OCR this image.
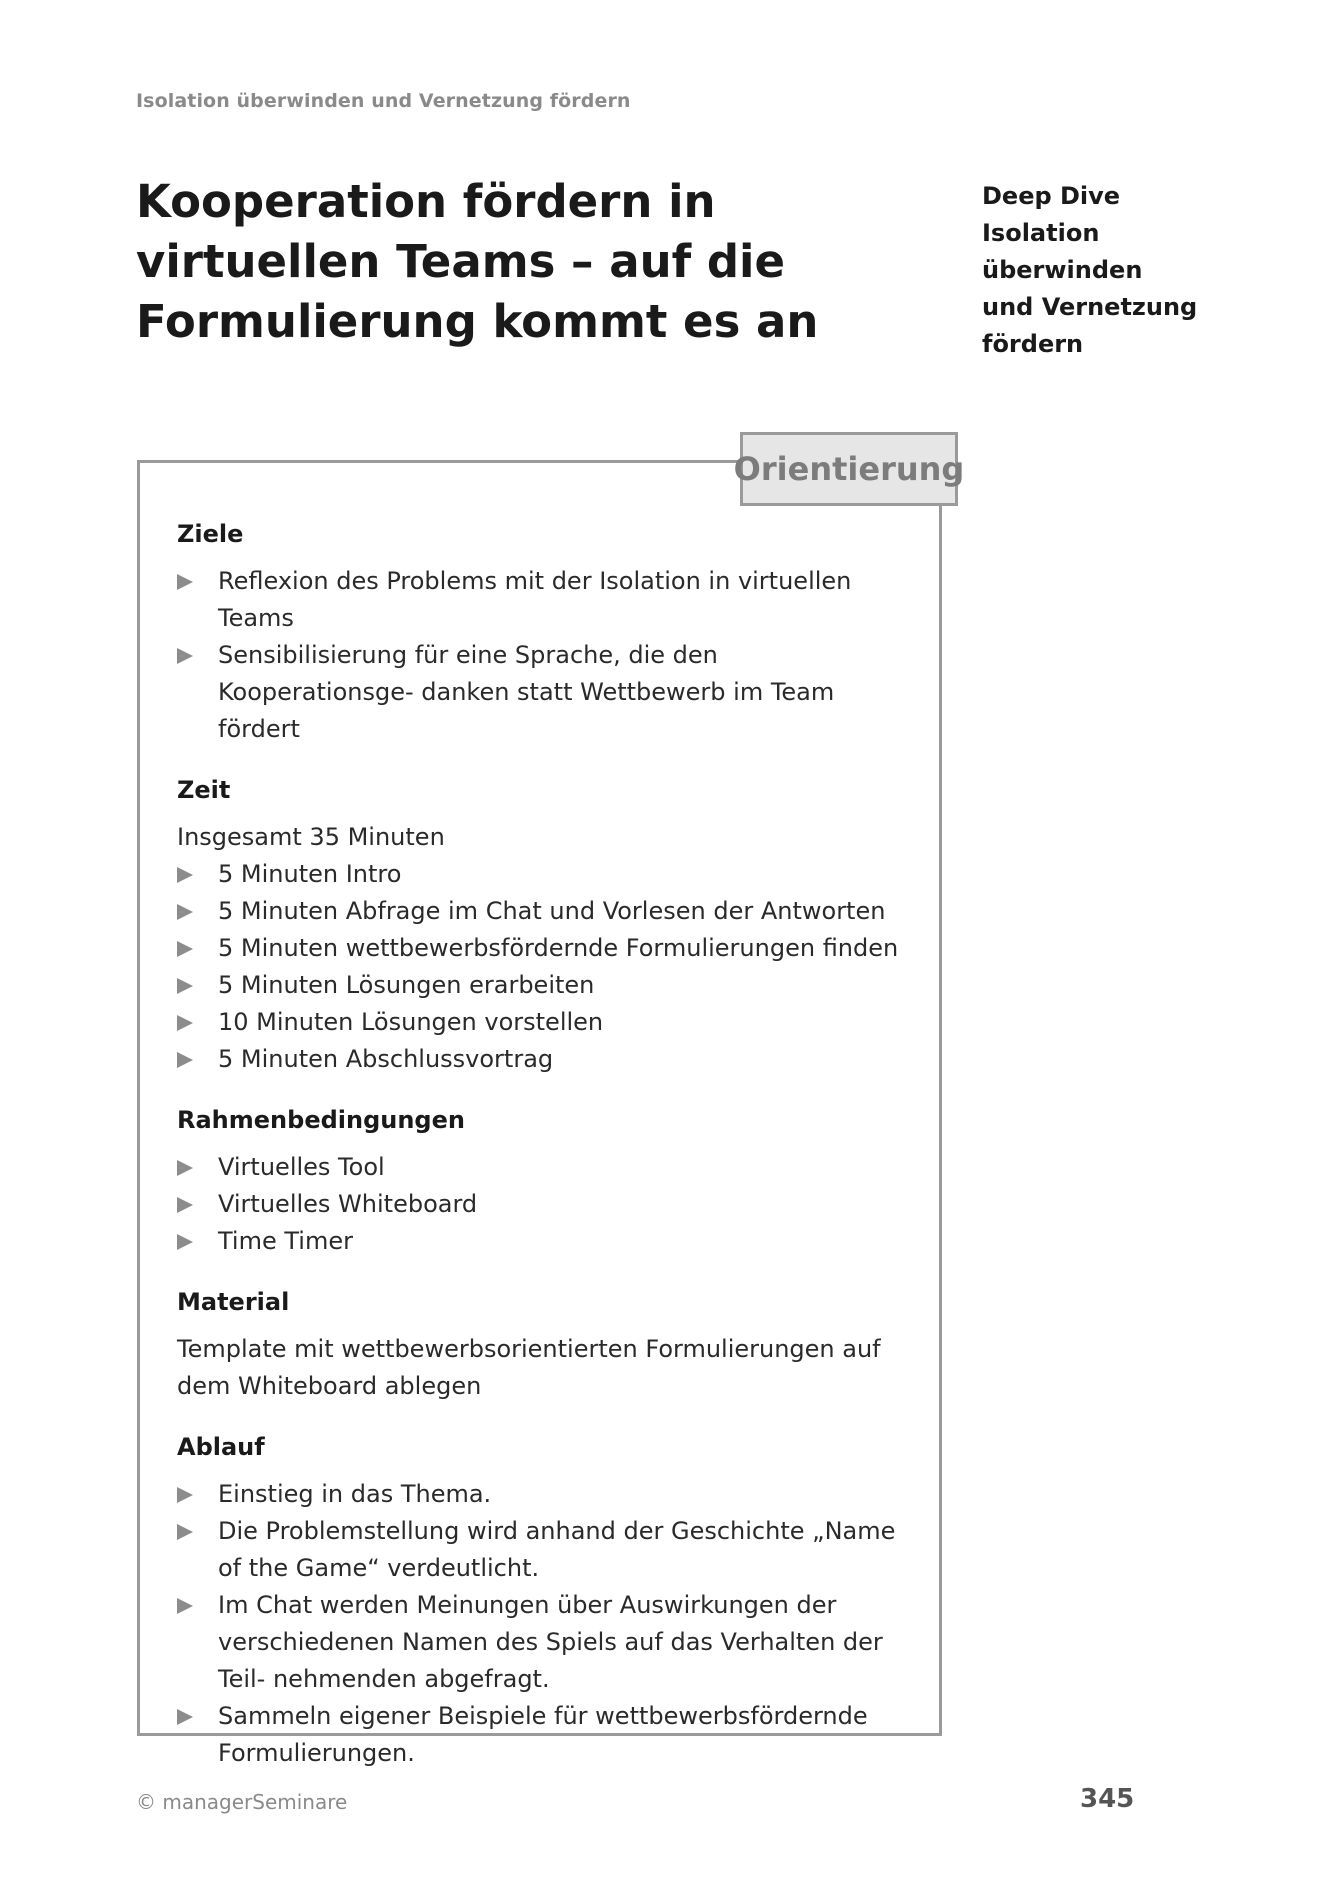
Isolation überwinden und Vernetzung fördern
Kooperation fördern in virtuellen Teams – auf die Formulierung kommt es an
Deep Dive
Isolation
überwinden
und Vernetzung
fördern
Orientierung
Ziele
Reflexion des Problems mit der Isolation in virtuellen Teams
Sensibilisierung für eine Sprache, die den Kooperationsge- danken statt Wettbewerb im Team fördert
Zeit

Insgesamt 35 Minuten

5 Minuten Intro
5 Minuten Abfrage im Chat und Vorlesen der Antworten
5 Minuten wettbewerbsfördernde Formulierungen finden
5 Minuten Lösungen erarbeiten
10 Minuten Lösungen vorstellen
5 Minuten Abschlussvortrag
Rahmenbedingungen
Virtuelles Tool
Virtuelles Whiteboard
Time Timer
Material

Template mit wettbewerbsorientierten Formulierungen auf dem Whiteboard ablegen

Ablauf
Einstieg in das Thema.
Die Problemstellung wird anhand der Geschichte „Name of the Game“ verdeutlicht.
Im Chat werden Meinungen über Auswirkungen der verschiedenen Namen des Spiels auf das Verhalten der Teil- nehmenden abgefragt.
Sammeln eigener Beispiele für wettbewerbsfördernde Formulierungen.
© managerSeminare	345
